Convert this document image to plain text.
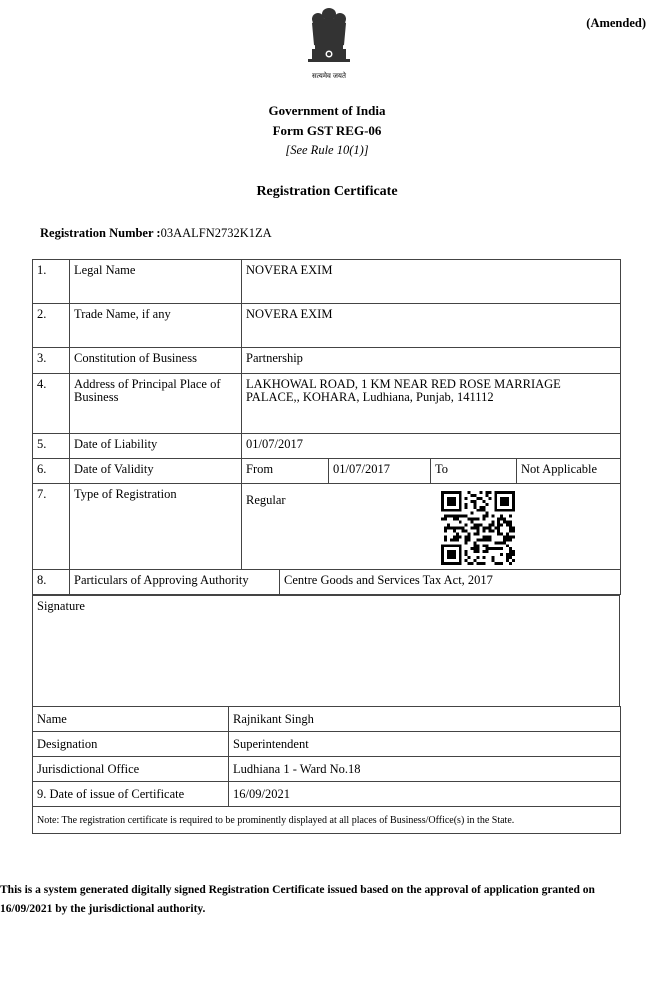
(Amended)
सत्यमेव जयते
Government of India
Form GST REG-06
[See Rule 10(1)]
Registration Certificate
Registration Number :03AALFN2732K1ZA
1.	Legal Name	NOVERA EXIM				
2.	Trade Name, if any	NOVERA EXIM				
3.	Constitution of Business	Partnership				
4.	Address of Principal Place of Business	LAKHOWAL ROAD, 1 KM NEAR RED ROSE MARRIAGE PALACE,, KOHARA, Ludhiana, Punjab, 141112				
5.	Date of Liability	01/07/2017				
6.	Date of Validity	From		01/07/2017	To	Not Applicable
7.	Type of Registration	Regular				

8.	Particulars of Approving Authority		Centre Goods and Services Tax Act, 2017			
Signature
Name	Rajnikant Singh
Designation	Superintendent
Jurisdictional Office	Ludhiana 1 - Ward No.18
9. Date of issue of Certificate	16/09/2021
Note: The registration certificate is required to be prominently displayed at all places of Business/Office(s) in the State.	
This is a system generated digitally signed Registration Certificate issued based on the approval of application granted on 16/09/2021 by the jurisdictional authority.
